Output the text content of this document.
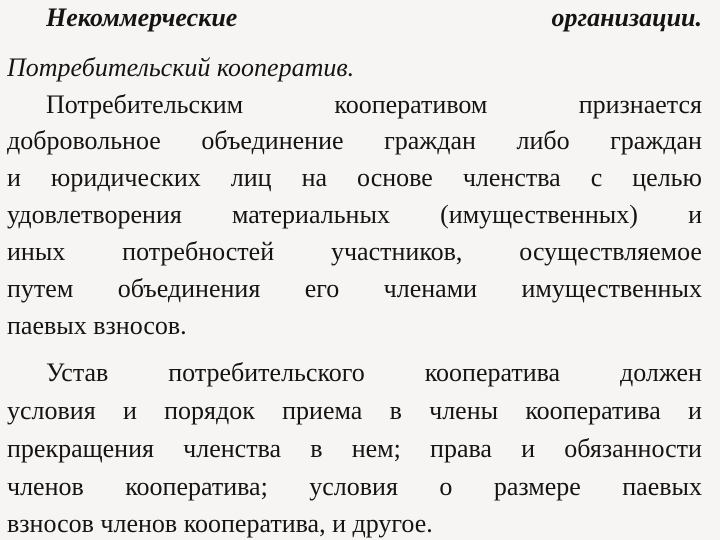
Некоммерческие	организации.
Потребительский кооператив.
Потребительским	кооперативом	признается
добровольное объединение граждан либо граждан
и юридических лиц на основе членства с целью
удовлетворения материальных (имущественных) и
иных потребностей участников, осуществляемое
путем объединения его членами имущественных
паевых взносов.
Устав потребительского кооператива должен
условия и порядок приема в члены кооператива и
прекращения членства в нем; права и обязанности
членов кооператива; условия о размере паевых
взносов членов кооператива, и другое.
